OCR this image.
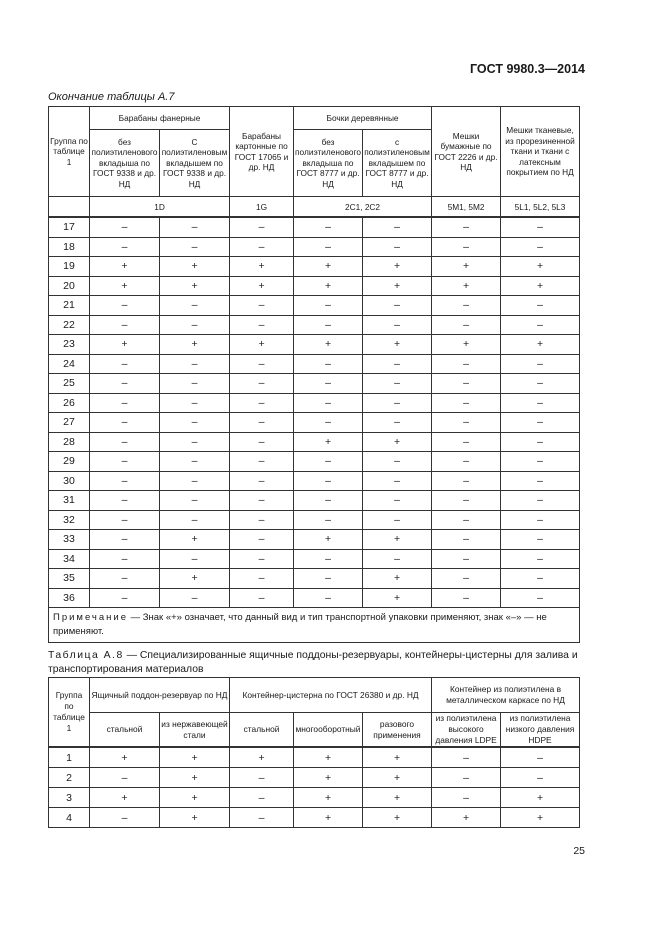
ГОСТ 9980.3—2014
Окончание таблицы А.7
Группа по таблице 1	Барабаны фанерные		Барабаны картонные по ГОСТ 17065 и др. НД	Бочки деревянные		Мешки бумажные по ГОСТ 2226 и др. НД	Мешки тканевые, из прорезиненной ткани и ткани с латексным покрытием по НД
	без полиэтиленового вкладыша по ГОСТ 9338 и др. НД	С полиэтиленовым вкладышем по ГОСТ 9338 и др. НД		без полиэтиленового вкладыша по ГОСТ 8777 и др. НД	с полиэтиленовым вкладышем по ГОСТ 8777 и др. НД		
	1D		1G	2C1, 2C2		5M1, 5M2	5L1, 5L2, 5L3
17	–	–	–	–	–	–	–
18	–	–	–	–	–	–	–
19	+	+	+	+	+	+	+
20	+	+	+	+	+	+	+
21	–	–	–	–	–	–	–
22	–	–	–	–	–	–	–
23	+	+	+	+	+	+	+
24	–	–	–	–	–	–	–
25	–	–	–	–	–	–	–
26	–	–	–	–	–	–	–
27	–	–	–	–	–	–	–
28	–	–	–	+	+	–	–
29	–	–	–	–	–	–	–
30	–	–	–	–	–	–	–
31	–	–	–	–	–	–	–
32	–	–	–	–	–	–	–
33	–	+	–	+	+	–	–
34	–	–	–	–	–	–	–
35	–	+	–	–	+	–	–
36	–	–	–	–	+	–	–
Примечание — Знак «+» означает, что данный вид и тип транспортной упаковки применяют, знак «–» — не применяют.							
Таблица А.8 — Специализированные ящичные поддоны-резервуары, контейнеры-цистерны для залива и транспортирования материалов
Группа по таблице 1	Ящичный поддон-резервуар по НД		Контейнер-цистерна по ГОСТ 26380 и др. НД			Контейнер из полиэтилена в металлическом каркасе по НД	
	стальной	из нержавеющей стали	стальной	многооборотный	разового применения	из полиэтилена высокого давления LDPE	из полиэтилена низкого давления HDPE
1	+	+	+	+	+	–	–
2	–	+	–	+	+	–	–
3	+	+	–	+	+	–	+
4	–	+	–	+	+	+	+
25
